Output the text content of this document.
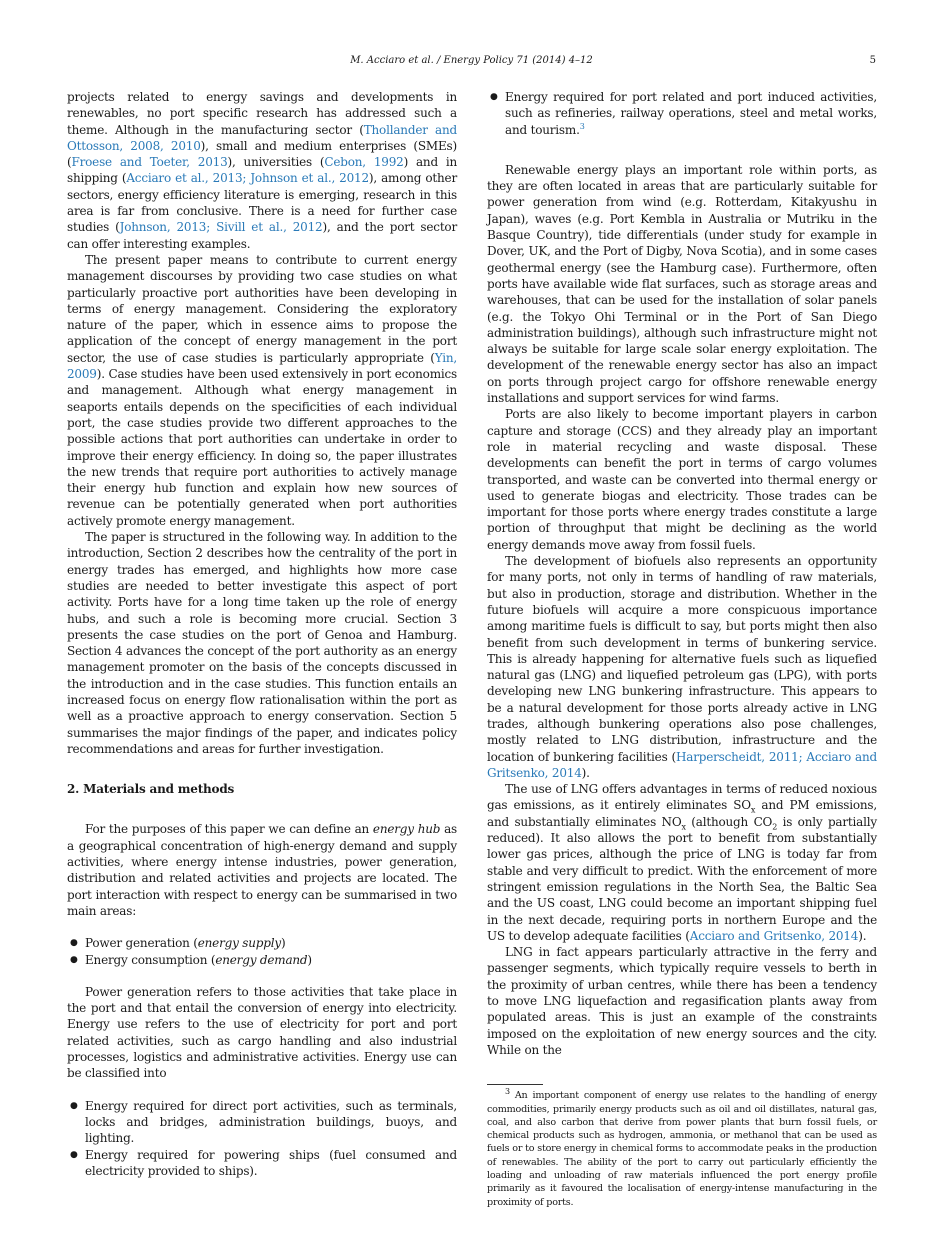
M. Acciaro et al. / Energy Policy 71 (2014) 4–12	5

projects related to energy savings and developments in renewables, no port specific research has addressed such a theme. Although in the manufacturing sector (Thollander and Ottosson, 2008, 2010), small and medium enterprises (SMEs) (Froese and Toeter, 2013), universities (Cebon, 1992) and in shipping (Acciaro et al., 2013; Johnson et al., 2012), among other sectors, energy efficiency literature is emerging, research in this area is far from conclusive. There is a need for further case studies (Johnson, 2013; Sivill et al., 2012), and the port sector can offer interesting examples.

The present paper means to contribute to current energy management discourses by providing two case studies on what particularly proactive port authorities have been developing in terms of energy management. Considering the exploratory nature of the paper, which in essence aims to propose the application of the concept of energy management in the port sector, the use of case studies is particularly appropriate (Yin, 2009). Case studies have been used extensively in port economics and management. Although what energy management in seaports entails depends on the specificities of each individual port, the case studies provide two different approaches to the possible actions that port authorities can undertake in order to improve their energy efficiency. In doing so, the paper illustrates the new trends that require port authorities to actively manage their energy hub function and explain how new sources of revenue can be potentially generated when port authorities actively promote energy management.

The paper is structured in the following way. In addition to the introduction, Section 2 describes how the centrality of the port in energy trades has emerged, and highlights how more case studies are needed to better investigate this aspect of port activity. Ports have for a long time taken up the role of energy hubs, and such a role is becoming more crucial. Section 3 presents the case studies on the port of Genoa and Hamburg. Section 4 advances the concept of the port authority as an energy management promoter on the basis of the concepts discussed in the introduction and in the case studies. This function entails an increased focus on energy flow rationalisation within the port as well as a proactive approach to energy conservation. Section 5 summarises the major findings of the paper, and indicates policy recommendations and areas for further investigation.

2. Materials and methods

For the purposes of this paper we can define an energy hub as a geographical concentration of high-energy demand and supply activities, where energy intense industries, power generation, distribution and related activities and projects are located. The port interaction with respect to energy can be summarised in two main areas:

● Power generation (energy supply)
● Energy consumption (energy demand)

Power generation refers to those activities that take place in the port and that entail the conversion of energy into electricity. Energy use refers to the use of electricity for port and port related activities, such as cargo handling and also industrial processes, logistics and administrative activities. Energy use can be classified into

● Energy required for direct port activities, such as terminals, locks and bridges, administration buildings, buoys, and lighting.
● Energy required for powering ships (fuel consumed and electricity provided to ships).
● Energy required for port related and port induced activities, such as refineries, railway operations, steel and metal works, and tourism.$^3$

Renewable energy plays an important role within ports, as they are often located in areas that are particularly suitable for power generation from wind (e.g. Rotterdam, Kitakyushu in Japan), waves (e.g. Port Kembla in Australia or Mutriku in the Basque Country), tide differentials (under study for example in Dover, UK, and the Port of Digby, Nova Scotia), and in some cases geothermal energy (see the Hamburg case). Furthermore, often ports have available wide flat surfaces, such as storage areas and warehouses, that can be used for the installation of solar panels (e.g. the Tokyo Ohi Terminal or in the Port of San Diego administration buildings), although such infrastructure might not always be suitable for large scale solar energy exploitation. The development of the renewable energy sector has also an impact on ports through project cargo for offshore renewable energy installations and support services for wind farms.

Ports are also likely to become important players in carbon capture and storage (CCS) and they already play an important role in material recycling and waste disposal. These developments can benefit the port in terms of cargo volumes transported, and waste can be converted into thermal energy or used to generate biogas and electricity. Those trades can be important for those ports where energy trades constitute a large portion of throughput that might be declining as the world energy demands move away from fossil fuels.

The development of biofuels also represents an opportunity for many ports, not only in terms of handling of raw materials, but also in production, storage and distribution. Whether in the future biofuels will acquire a more conspicuous importance among maritime fuels is difficult to say, but ports might then also benefit from such development in terms of bunkering service. This is already happening for alternative fuels such as liquefied natural gas (LNG) and liquefied petroleum gas (LPG), with ports developing new LNG bunkering infrastructure. This appears to be a natural development for those ports already active in LNG trades, although bunkering operations also pose challenges, mostly related to LNG distribution, infrastructure and the location of bunkering facilities (Harperscheidt, 2011; Acciaro and Gritsenko, 2014).

The use of LNG offers advantages in terms of reduced noxious gas emissions, as it entirely eliminates $SO_x$ and PM emissions, and substantially eliminates $NO_x$ (although $CO_2$ is only partially reduced). It also allows the port to benefit from substantially lower gas prices, although the price of LNG is today far from stable and very difficult to predict. With the enforcement of more stringent emission regulations in the North Sea, the Baltic Sea and the US coast, LNG could become an important shipping fuel in the next decade, requiring ports in northern Europe and the US to develop adequate facilities (Acciaro and Gritsenko, 2014).

LNG in fact appears particularly attractive in the ferry and passenger segments, which typically require vessels to berth in the proximity of urban centres, while there has been a tendency to move LNG liquefaction and regasification plants away from populated areas. This is just an example of the constraints imposed on the exploitation of new energy sources and the city. While on the

$^3$ An important component of energy use relates to the handling of energy commodities, primarily energy products such as oil and oil distillates, natural gas, coal, and also carbon that derive from power plants that burn fossil fuels, or chemical products such as hydrogen, ammonia, or methanol that can be used as fuels or to store energy in chemical forms to accommodate peaks in the production of renewables. The ability of the port to carry out particularly efficiently the loading and unloading of raw materials influenced the port energy profile primarily as it favoured the localisation of energy-intense manufacturing in the proximity of ports.
